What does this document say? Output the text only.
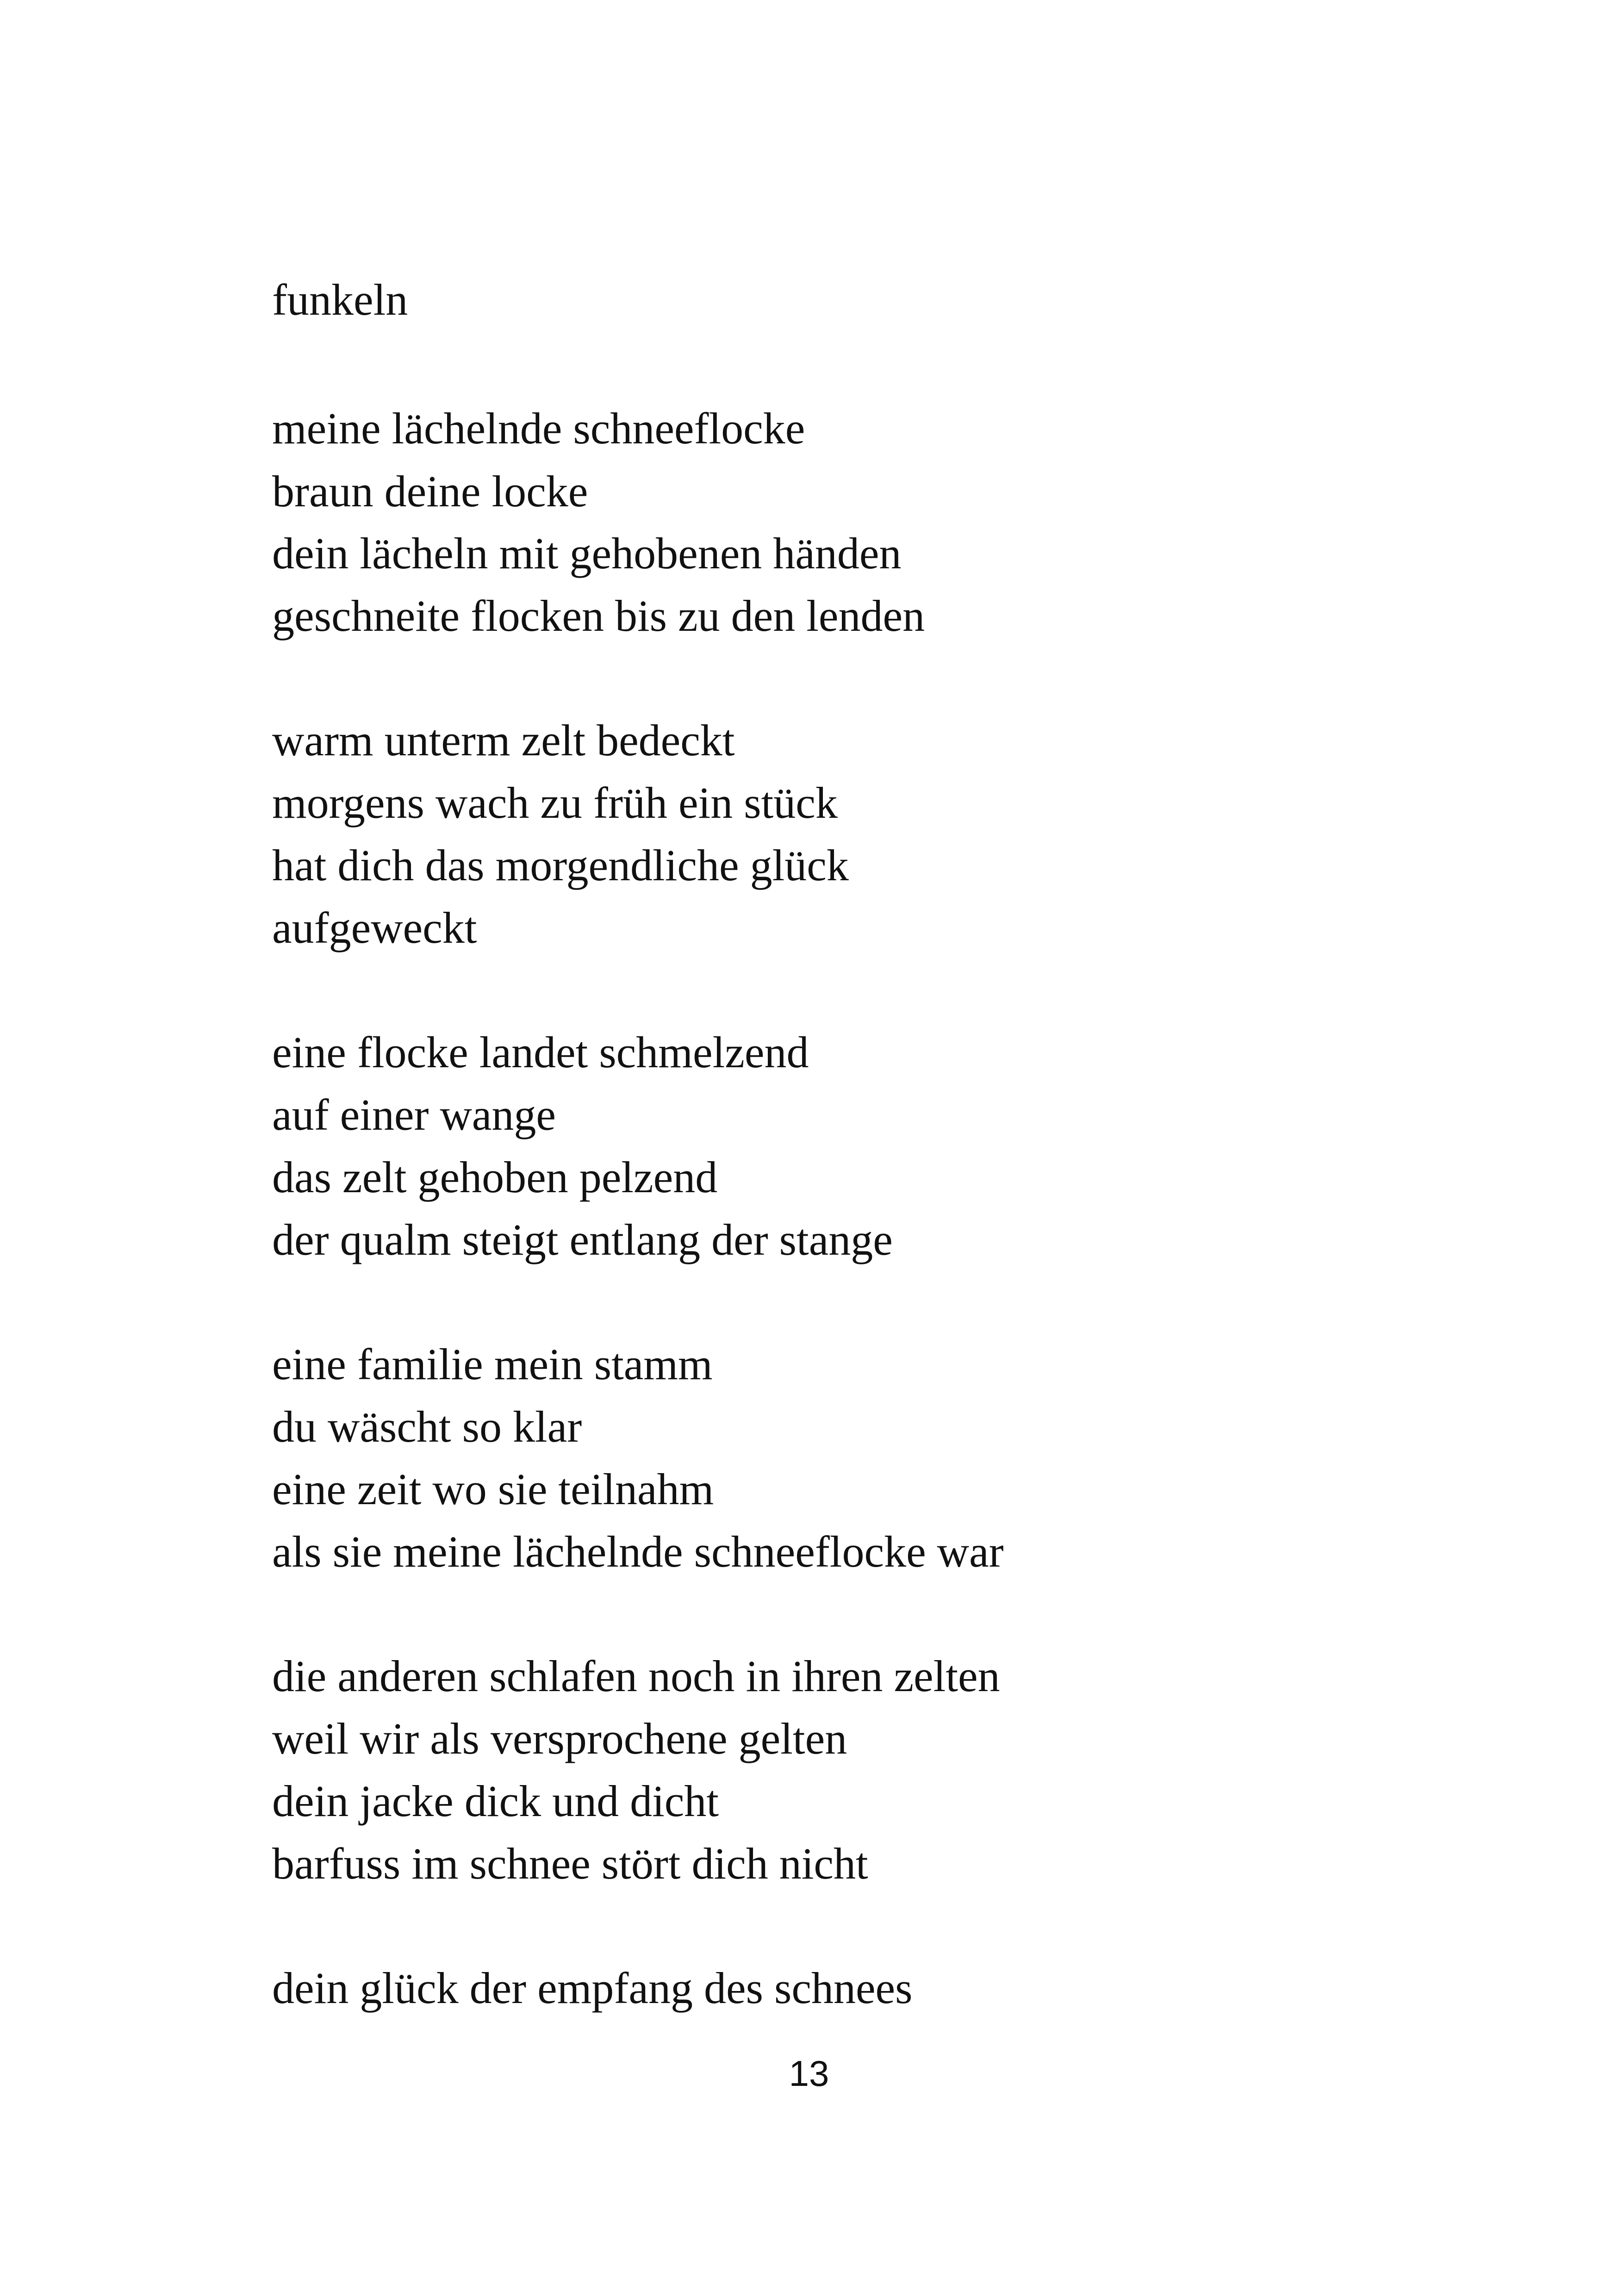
funkeln
meine lächelnde schneeflocke
braun deine locke
dein lächeln mit gehobenen händen
geschneite flocken bis zu den lenden
warm unterm zelt bedeckt
morgens wach zu früh ein stück
hat dich das morgendliche glück
aufgeweckt
eine flocke landet schmelzend
auf einer wange
das zelt gehoben pelzend
der qualm steigt entlang der stange
eine familie mein stamm
du wäscht so klar
eine zeit wo sie teilnahm
als sie meine lächelnde schneeflocke war
die anderen schlafen noch in ihren zelten
weil wir als versprochene gelten
dein jacke dick und dicht
barfuss im schnee stört dich nicht
dein glück der empfang des schnees
13
